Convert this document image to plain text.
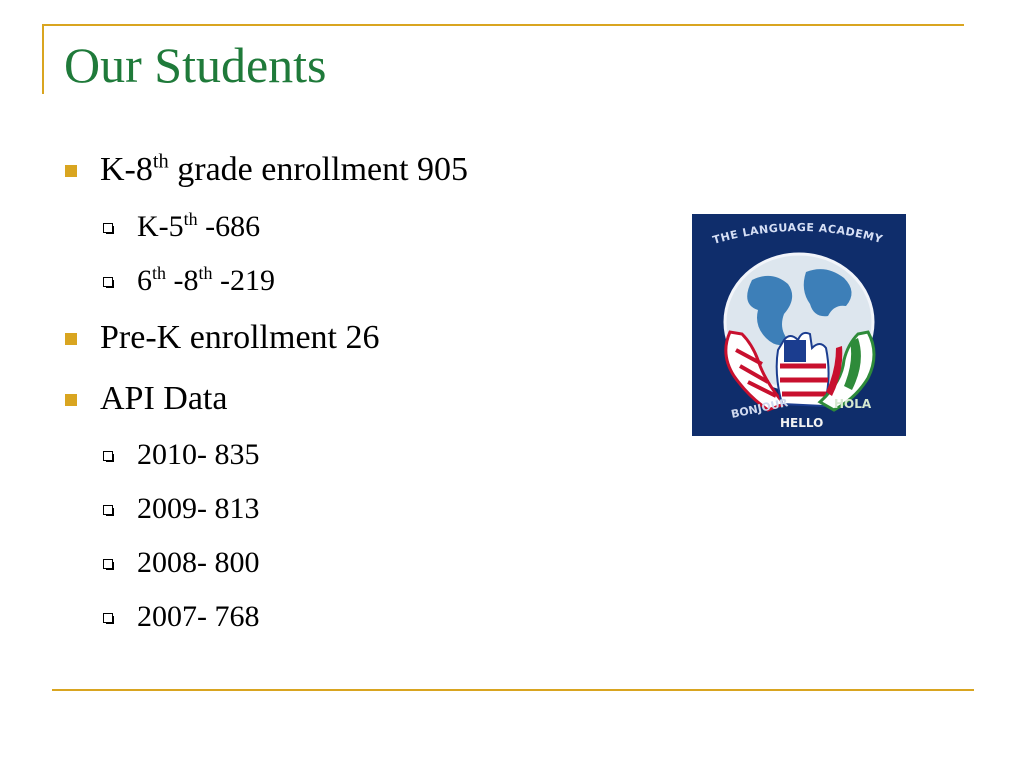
Our Students
K-8th grade enrollment 905
K-5th -686
6th -8th -219
Pre-K enrollment 26
API Data
2010- 835
2009- 813
2008- 800
2007- 768
THE LANGUAGE ACADEMY
BONJOUR
HELLO
HOLA
